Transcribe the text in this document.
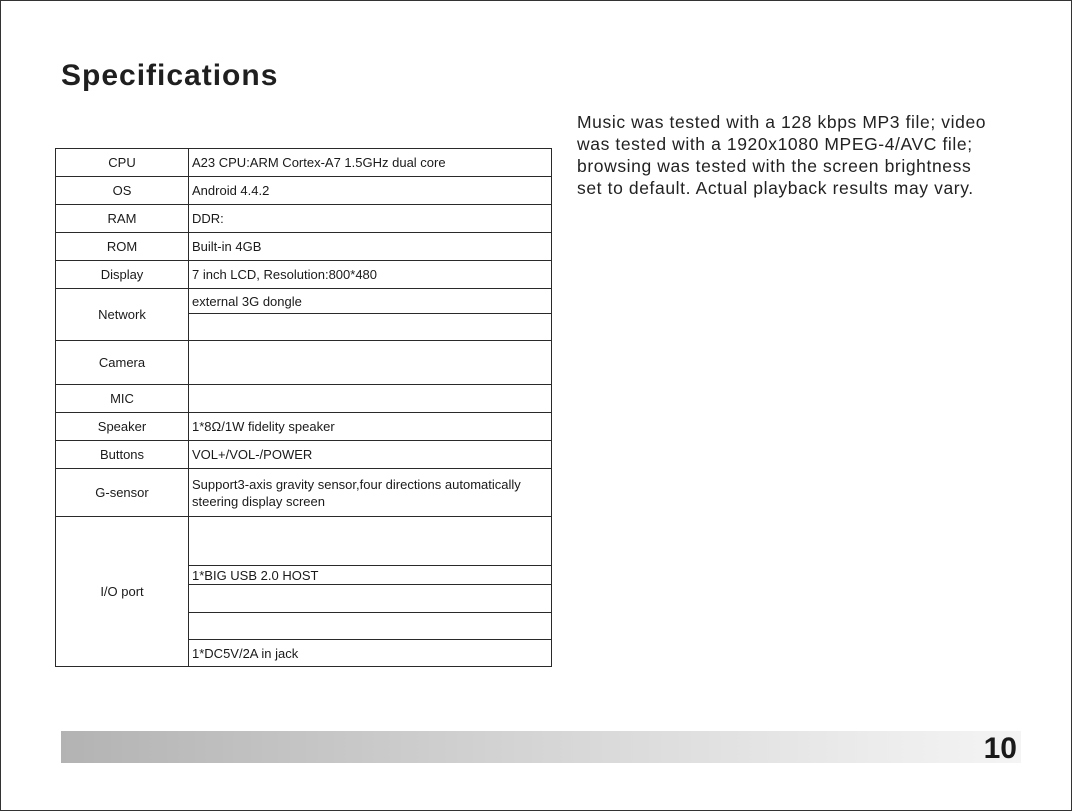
Specifications
CPU	A23 CPU:ARM Cortex-A7 1.5GHz dual core
OS	Android 4.4.2
RAM	DDR:
ROM	Built-in 4GB
Display	7 inch LCD, Resolution:800*480
Network	external 3G dongle

Camera	
MIC	
Speaker	1*8Ω/1W fidelity speaker
Buttons	VOL+/VOL-/POWER
G-sensor	Support3-axis gravity sensor,four directions automatically steering display screen
I/O port	
	1*BIG USB 2.0 HOST

	1*DC5V/2A in jack
Music was tested with a 128 kbps MP3 file; video was tested with a 1920x1080 MPEG-4/AVC file; browsing was tested with the screen brightness set to default. Actual playback results may vary.
10
